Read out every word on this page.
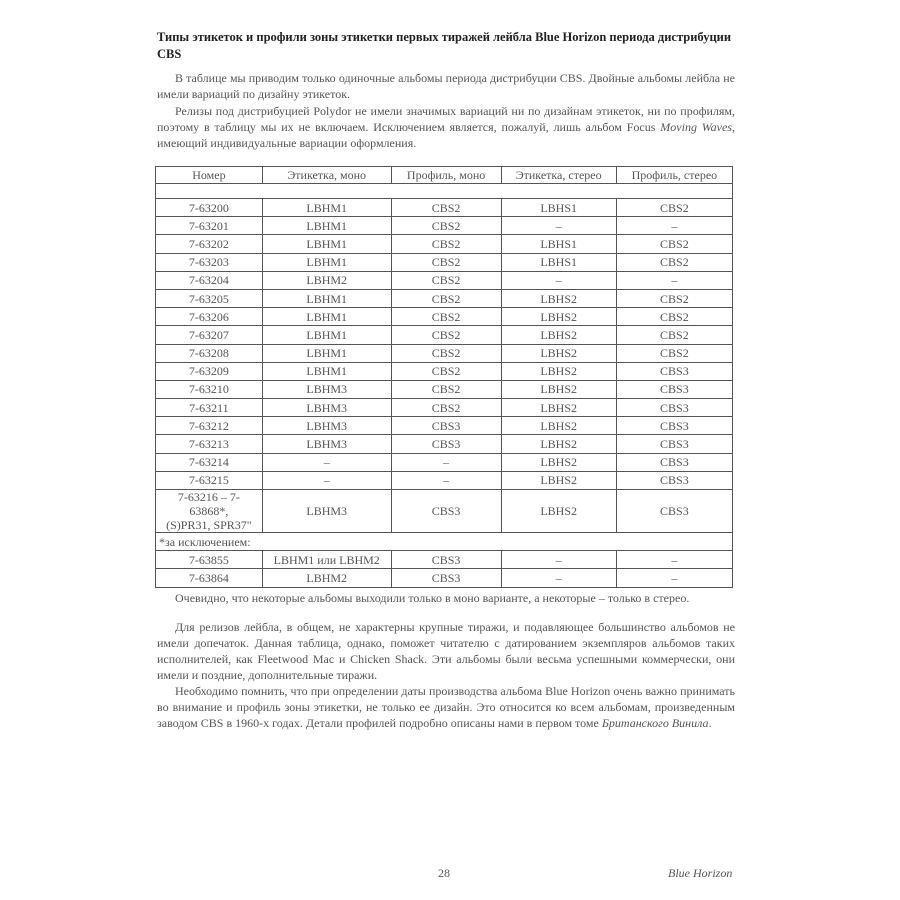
Типы этикеток и профили зоны этикетки первых тиражей лейбла Blue Horizon периода дистрибуции CBS

В таблице мы приводим только одиночные альбомы периода дистрибуции CBS. Двойные альбомы лейбла не имели вариаций по дизайну этикеток.

Релизы под дистрибуцией Polydor не имели значимых вариаций ни по дизайнам этикеток, ни по профилям, поэтому в таблицу мы их не включаем. Исключением является, пожалуй, лишь альбом Focus Moving Waves, имеющий индивидуальные вариации оформления.

Номер	Этикетка, моно	Профиль, моно	Этикетка, стерео	Профиль, стерео

7-63200	LBHM1	CBS2	LBHS1	CBS2
7-63201	LBHM1	CBS2	–	–
7-63202	LBHM1	CBS2	LBHS1	CBS2
7-63203	LBHM1	CBS2	LBHS1	CBS2
7-63204	LBHM2	CBS2	–	–
7-63205	LBHM1	CBS2	LBHS2	CBS2
7-63206	LBHM1	CBS2	LBHS2	CBS2
7-63207	LBHM1	CBS2	LBHS2	CBS2
7-63208	LBHM1	CBS2	LBHS2	CBS2
7-63209	LBHM1	CBS2	LBHS2	CBS3
7-63210	LBHM3	CBS2	LBHS2	CBS3
7-63211	LBHM3	CBS2	LBHS2	CBS3
7-63212	LBHM3	CBS3	LBHS2	CBS3
7-63213	LBHM3	CBS3	LBHS2	CBS3
7-63214	–	–	LBHS2	CBS3
7-63215	–	–	LBHS2	CBS3
7-63216 – 7-63868*,
(S)PR31, SPR37"	LBHM3	CBS3	LBHS2	CBS3
*за исключением:				
7-63855	LBHM1 или LBHM2	CBS3	–	–
7-63864	LBHM2	CBS3	–	–

Очевидно, что некоторые альбомы выходили только в моно варианте, а некоторые – только в стерео.

Для релизов лейбла, в общем, не характерны крупные тиражи, и подавляющее большинство альбомов не имели допечаток. Данная таблица, однако, поможет читателю с датированием экземпляров альбомов таких исполнителей, как Fleetwood Mac и Chicken Shack. Эти альбомы были весьма успешными коммерчески, они имели и поздние, дополнительные тиражи.

Необходимо помнить, что при определении даты производства альбома Blue Horizon очень важно принимать во внимание и профиль зоны этикетки, не только ее дизайн. Это относится ко всем альбомам, произведенным заводом CBS в 1960-х годах. Детали профилей подробно описаны нами в первом томе Британского Винила.

28	Blue Horizon
